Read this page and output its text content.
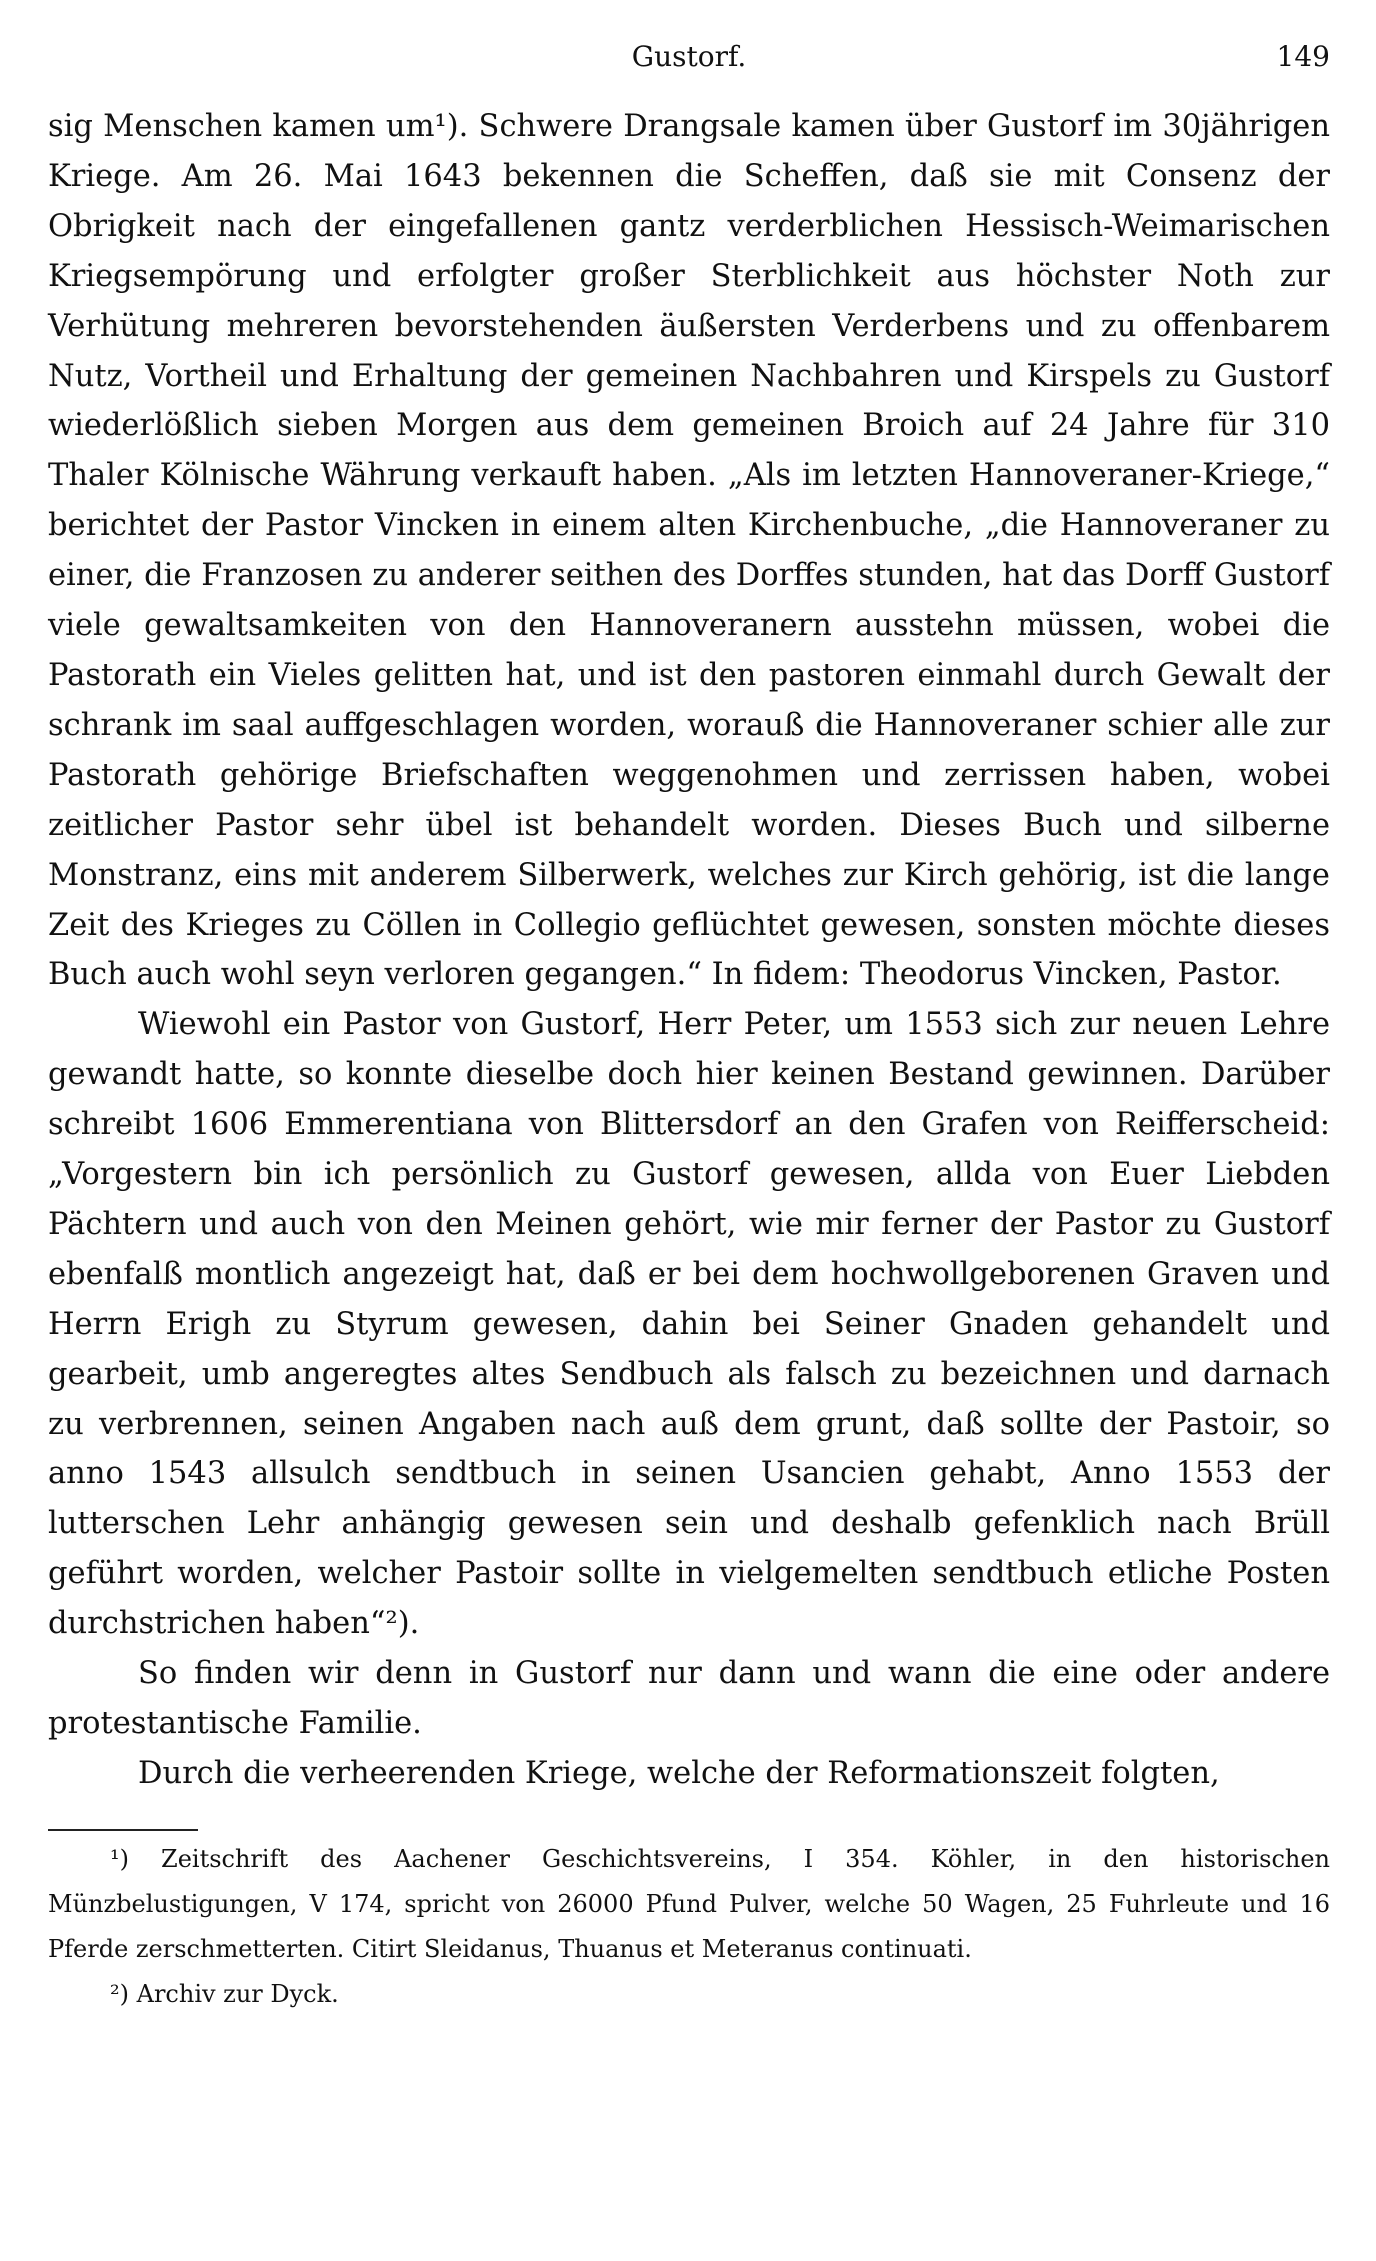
Gustorf.	149

sig Menschen kamen um¹). Schwere Drangsale kamen über Gustorf im 30jährigen Kriege. Am 26. Mai 1643 bekennen die Scheffen, daß sie mit Consenz der Obrigkeit nach der eingefallenen gantz verderblichen Hessisch-Weimarischen Kriegsempörung und erfolgter großer Sterblichkeit aus höchster Noth zur Verhütung mehreren bevorstehenden äußersten Verderbens und zu offenbarem Nutz, Vortheil und Erhaltung der gemeinen Nachbahren und Kirspels zu Gustorf wiederlößlich sieben Morgen aus dem gemeinen Broich auf 24 Jahre für 310 Thaler Kölnische Währung verkauft haben. „Als im letzten Hannoveraner-Kriege,“ berichtet der Pastor Vincken in einem alten Kirchenbuche, „die Hannoveraner zu einer, die Franzosen zu anderer seithen des Dorffes stunden, hat das Dorff Gustorf viele gewaltsamkeiten von den Hannoveranern ausstehn müssen, wobei die Pastorath ein Vieles gelitten hat, und ist den pastoren einmahl durch Gewalt der schrank im saal auffgeschlagen worden, worauß die Hannoveraner schier alle zur Pastorath gehörige Briefschaften weggenohmen und zerrissen haben, wobei zeitlicher Pastor sehr übel ist behandelt worden. Dieses Buch und silberne Monstranz, eins mit anderem Silberwerk, welches zur Kirch gehörig, ist die lange Zeit des Krieges zu Cöllen in Collegio geflüchtet gewesen, sonsten möchte dieses Buch auch wohl seyn verloren gegangen.“ In fidem: Theodorus Vincken, Pastor.

Wiewohl ein Pastor von Gustorf, Herr Peter, um 1553 sich zur neuen Lehre gewandt hatte, so konnte dieselbe doch hier keinen Bestand gewinnen. Darüber schreibt 1606 Emmerentiana von Blittersdorf an den Grafen von Reifferscheid: „Vorgestern bin ich persönlich zu Gustorf gewesen, allda von Euer Liebden Pächtern und auch von den Meinen gehört, wie mir ferner der Pastor zu Gustorf ebenfalß montlich angezeigt hat, daß er bei dem hochwollgeborenen Graven und Herrn Erigh zu Styrum gewesen, dahin bei Seiner Gnaden gehandelt und gearbeit, umb angeregtes altes Sendbuch als falsch zu bezeichnen und darnach zu verbrennen, seinen Angaben nach auß dem grunt, daß sollte der Pastoir, so anno 1543 allsulch sendtbuch in seinen Usancien gehabt, Anno 1553 der lutterschen Lehr anhängig gewesen sein und deshalb gefenklich nach Brüll geführt worden, welcher Pastoir sollte in vielgemelten sendtbuch etliche Posten durchstrichen haben“²).

So finden wir denn in Gustorf nur dann und wann die eine oder andere protestantische Familie.

Durch die verheerenden Kriege, welche der Reformationszeit folgten,

¹) Zeitschrift des Aachener Geschichtsvereins, I 354. Köhler, in den historischen Münzbelustigungen, V 174, spricht von 26000 Pfund Pulver, welche 50 Wagen, 25 Fuhrleute und 16 Pferde zerschmetterten. Citirt Sleidanus, Thuanus et Meteranus continuati.

²) Archiv zur Dyck.
